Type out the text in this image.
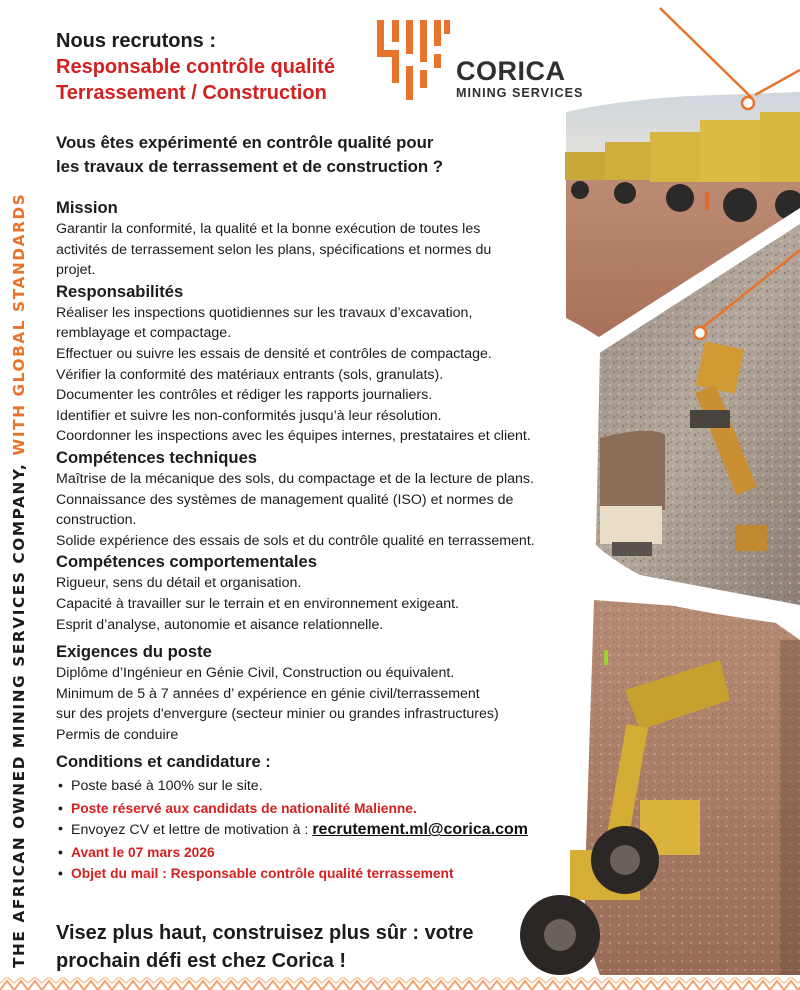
THE AFRICAN OWNED MINING SERVICES COMPANY, WITH GLOBAL STANDARDS
Nous recrutons :
Responsable contrôle qualité
Terrassement / Construction
CORICA
MINING SERVICES
Vous êtes expérimenté en contrôle qualité pour
les travaux de terrassement et de construction ?
Mission
Garantir la conformité, la qualité et la bonne exécution de toutes les
activités de terrassement selon les plans, spécifications et normes du
projet.
Responsabilités
Réaliser les inspections quotidiennes sur les travaux d’excavation,
remblayage et compactage.
Effectuer ou suivre les essais de densité et contrôles de compactage.
Vérifier la conformité des matériaux entrants (sols, granulats).
Documenter les contrôles et rédiger les rapports journaliers.
Identifier et suivre les non-conformités jusqu’à leur résolution.
Coordonner les inspections avec les équipes internes, prestataires et client.
Compétences techniques
Maîtrise de la mécanique des sols, du compactage et de la lecture de plans.
Connaissance des systèmes de management qualité (ISO) et normes de
construction.
Solide expérience des essais de sols et du contrôle qualité en terrassement.
Compétences comportementales
Rigueur, sens du détail et organisation.
Capacité à travailler sur le terrain et en environnement exigeant.
Esprit d’analyse, autonomie et aisance relationnelle.
Exigences du poste
Diplôme d’Ingénieur en Génie Civil, Construction ou équivalent.
Minimum de 5 à 7 années d’ expérience en génie civil/terrassement
sur des projets d'envergure (secteur minier ou grandes infrastructures)
Permis de conduire
Conditions et candidature :
• Poste basé à 100% sur le site.
• Poste réservé aux candidats de nationalité Malienne.
• Envoyez CV et lettre de motivation à : recrutement.ml@corica.com
• Avant le 07 mars 2026
• Objet du mail : Responsable contrôle qualité terrassement
Visez plus haut, construisez plus sûr : votre
prochain défi est chez Corica !
